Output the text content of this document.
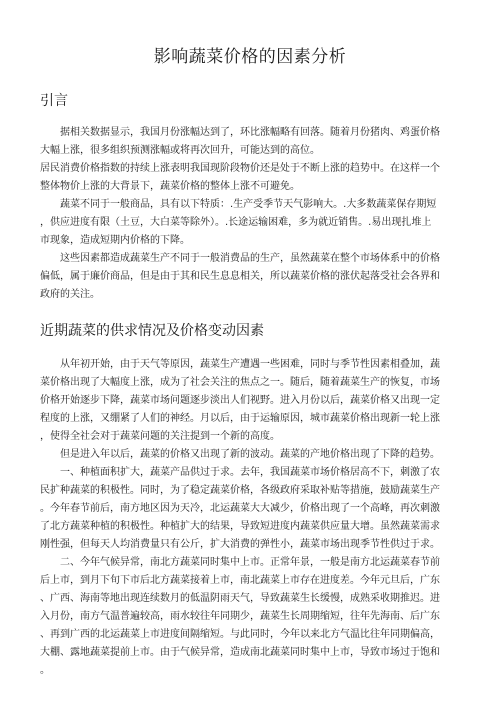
影响蔬菜价格的因素分析
引言
　　据相关数据显示，我国月份涨幅达到了，环比涨幅略有回落。随着月份猪肉、鸡蛋价格
大幅上涨，很多组织预测涨幅或将再次回升，可能达到的高位。
居民消费价格指数的持续上涨表明我国现阶段物价还是处于不断上涨的趋势中。在这样一个
整体物价上涨的大背景下，蔬菜价格的整体上涨不可避免。
　　蔬菜不同于一般商品，具有以下特质：.生产受季节天气影响大。.大多数蔬菜保存期短
，供应进度有限（土豆，大白菜等除外）。.长途运输困难，多为就近销售。.易出现扎堆上
市现象，造成短期内价格的下降。
　　这些因素都造成蔬菜生产不同于一般消费品的生产，虽然蔬菜在整个市场体系中的价格
偏低，属于廉价商品，但是由于其和民生息息相关，所以蔬菜价格的涨伏起落受社会各界和
政府的关注。
近期蔬菜的供求情况及价格变动因素
　　从年初开始，由于天气等原因，蔬菜生产遭遇一些困难，同时与季节性因素相叠加，蔬
菜价格出现了大幅度上涨，成为了社会关注的焦点之一。随后，随着蔬菜生产的恢复，市场
价格开始逐步下降，蔬菜市场问题逐步淡出人们视野。进入月份以后，蔬菜价格又出现一定
程度的上涨，又绷紧了人们的神经。月以后，由于运输原因，城市蔬菜价格出现新一轮上涨
，使得全社会对于蔬菜问题的关注提到一个新的高度。
　　但是进入年以后，蔬菜的价格又出现了新的波动。蔬菜的产地价格出现了下降的趋势。
　　一、种植面积扩大，蔬菜产品供过于求。去年，我国蔬菜市场价格居高不下，刺激了农
民扩种蔬菜的积极性。同时，为了稳定蔬菜价格，各级政府采取补贴等措施，鼓励蔬菜生产
。今年春节前后，南方地区因为天冷，北运蔬菜大大减少，价格出现了一个高峰，再次刺激
了北方蔬菜种植的积极性。种植扩大的结果，导致短进度内蔬菜供应量大增。虽然蔬菜需求
刚性强，但每天人均消费量只有公斤，扩大消费的弹性小，蔬菜市场出现季节性供过于求。
　　二、今年气候异常，南北方蔬菜同时集中上市。正常年景，一般是南方北运蔬菜春节前
后上市，到月下旬下市后北方蔬菜接着上市，南北蔬菜上市存在进度差。今年元旦后，广东
、广西、海南等地出现连续数月的低温阴雨天气，导致蔬菜生长缓慢，成熟采收期推迟。进
入月份，南方气温普遍较高，雨水较往年同期少，蔬菜生长周期缩短，往年先海南、后广东
、再到广西的北运蔬菜上市进度间隔缩短。与此同时，今年以来北方气温比往年同期偏高，
大棚、露地蔬菜提前上市。由于气候异常，造成南北蔬菜同时集中上市，导致市场过于饱和
。
